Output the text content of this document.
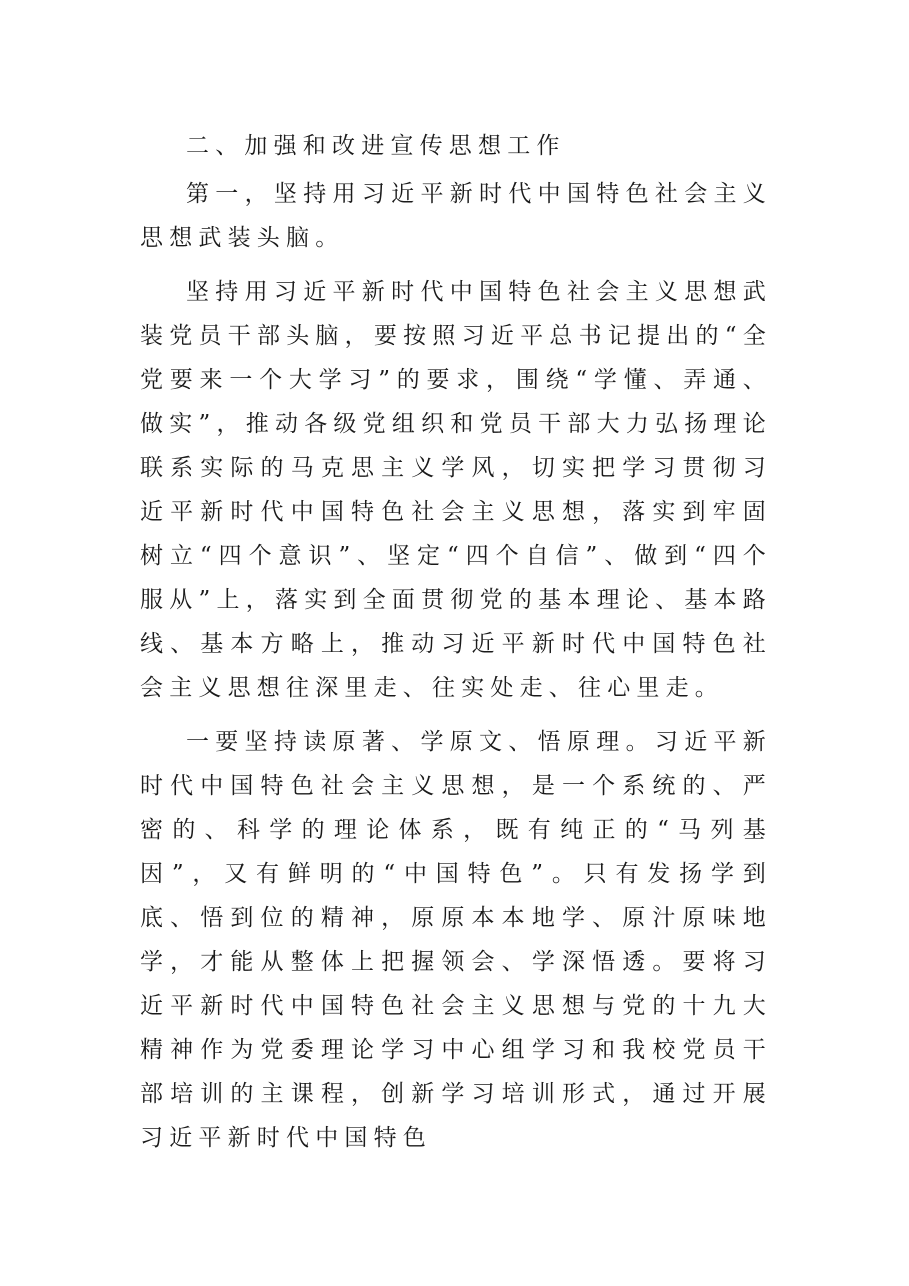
二、加强和改进宣传思想工作

第一，坚持用习近平新时代中国特色社会主义思想武装头脑。

坚持用习近平新时代中国特色社会主义思想武装党员干部头脑，要按照习近平总书记提出的“全党要来一个大学习”的要求，围绕“学懂、弄通、做实”，推动各级党组织和党员干部大力弘扬理论联系实际的马克思主义学风，切实把学习贯彻习近平新时代中国特色社会主义思想，落实到牢固树立“四个意识”、坚定“四个自信”、做到“四个服从”上，落实到全面贯彻党的基本理论、基本路线、基本方略上，推动习近平新时代中国特色社会主义思想往深里走、往实处走、往心里走。

一要坚持读原著、学原文、悟原理。习近平新时代中国特色社会主义思想，是一个系统的、严密的、科学的理论体系，既有纯正的“马列基因”，又有鲜明的“中国特色”。只有发扬学到底、悟到位的精神，原原本本地学、原汁原味地学，才能从整体上把握领会、学深悟透。要将习近平新时代中国特色社会主义思想与党的十九大精神作为党委理论学习中心组学习和我校党员干部培训的主课程，创新学习培训形式，通过开展习近平新时代中国特色
